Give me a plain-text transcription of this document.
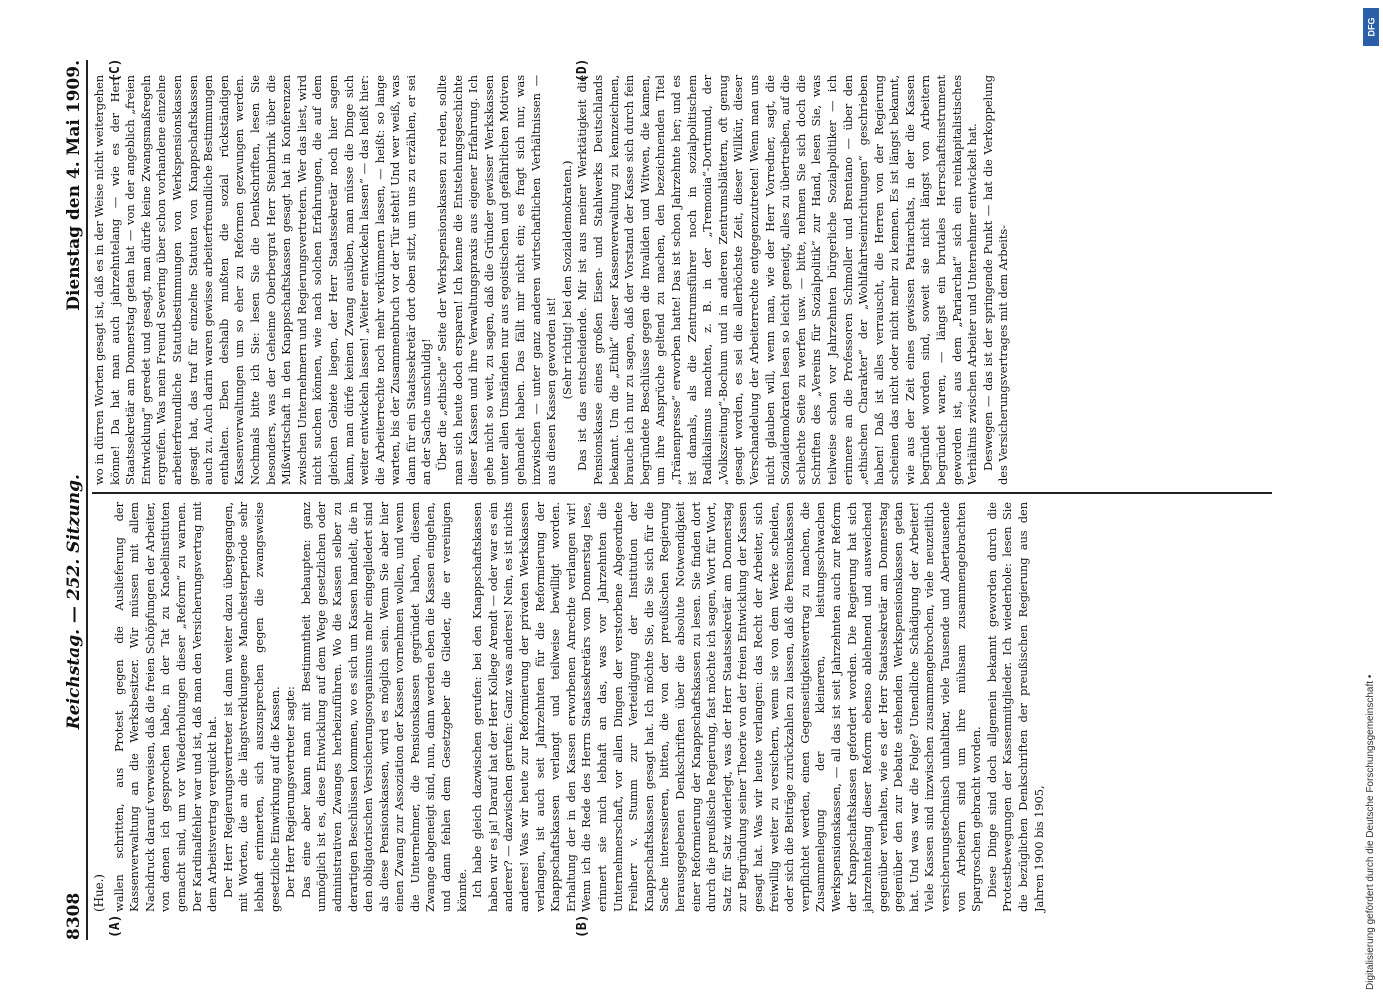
8308
Reichstag. — 252. Sitzung.
Dienstag den 4. Mai 1909.
(A)	(B)
(C)	(D)
(Hue.) wallen schritten, aus Protest gegen die Auslieferung der Kassenverwaltung an die Werksbesitzer. Wir müssen mit allem Nachdruck darauf verweisen, daß die freien Schöpfungen der Arbeiter, von denen ich gesprochen habe, in der Tat zu Knebelinstituten gemacht sind, um vor Wiederholungen dieser „Reform“ zu warnen. Der Kardinalfehler war und ist, daß man den Versicherungsvertrag mit dem Arbeitsvertrag verquickt hat. Der Herr Regierungsvertreter ist dann weiter dazu übergegangen, mit Worten, die an die längstverklungene Manchesterperiode sehr lebhaft erinnerten, sich auszusprechen gegen die zwangsweise gesetzliche Einwirkung auf die Kassen. Der Herr Regierungsvertreter sagte: Das eine aber kann man mit Bestimmtheit behaupten: ganz unmöglich ist es, diese Entwicklung auf dem Wege gesetzlichen oder administrativen Zwanges herbeizuführen. Wo die Kassen selber zu derartigen Beschlüssen kommen, wo es sich um Kassen handelt, die in den obligatorischen Versicherungsorganismus mehr eingegliedert sind als diese Pensionskassen, wird es möglich sein. Wenn Sie aber hier einen Zwang zur Assoziation der Kassen vornehmen wollen, und wenn die Unternehmer, die Pensionskassen gegründet haben, diesem Zwange abgeneigt sind, nun, dann werden eben die Kassen eingehen, und dann fehlen dem Gesetzgeber die Glieder, die er vereinigen könnte. Ich habe gleich dazwischen gerufen: bei den Knappschaftskassen haben wir es ja! Darauf hat der Herr Kollege Arendt — oder war es ein anderer? — dazwischen gerufen: Ganz was anderes! Nein, es ist nichts anderes! Was wir heute zur Reformierung der privaten Werkskassen verlangen, ist auch seit Jahrzehnten für die Reformierung der Knappschaftskassen verlangt und teilweise bewilligt worden. Erhaltung der in den Kassen erworbenen Anrechte verlangen wir! Wenn ich die Rede des Herrn Staatssekretärs vom Donnerstag lese, erinnert sie mich lebhaft an das, was vor Jahrzehnten die Unternehmerschaft, vor allen Dingen der verstorbene Abgeordnete Freiherr v. Stumm zur Verteidigung der Institution der Knappschaftskassen gesagt hat. Ich möchte Sie, die Sie sich für die Sache interessieren, bitten, die von der preußischen Regierung herausgegebenen Denkschriften über die absolute Notwendigkeit einer Reformierung der Knappschaftskassen zu lesen. Sie finden dort durch die preußische Regierung, fast möchte ich sagen, Wort für Wort, Satz für Satz widerlegt, was der Herr Staatssekretär am Donnerstag zur Begründung seiner Theorie von der freien Entwicklung der Kassen gesagt hat. Was wir heute verlangen: das Recht der Arbeiter, sich freiwillig weiter zu versichern, wenn sie von dem Werke scheiden, oder sich die Beiträge zurückzahlen zu lassen, daß die Pensionskassen verpflichtet werden, einen Gegenseitigkeitsvertrag zu machen, die Zusammenlegung der kleineren, leistungsschwachen Werkspensionskassen, — all das ist seit Jahrzehnten auch zur Reform der Knappschaftskassen gefordert worden. Die Regierung hat sich jahrzehntelang dieser Reform ebenso ablehnend und ausweichend gegenüber verhalten, wie es der Herr Staatssekretär am Donnerstag gegenüber den zur Debatte stehenden Werkspensionskassen getan hat. Und was war die Folge? Unendliche Schädigung der Arbeiter! Viele Kassen sind inzwischen zusammengebrochen, viele neuzeitlich versicherungstechnisch unhaltbar, viele Tausende und Abertausende von Arbeitern sind um ihre mühsam zusammengebrachten Spargroschen gebracht worden. Diese Dinge sind doch allgemein bekannt geworden durch die Protestbewegungen der Kassenmitglieder. Ich wiederhole: lesen Sie die bezüglichen Denkschriften der preußischen Regierung aus den Jahren 1900 bis 1905,

wo in dürren Worten gesagt ist, daß es in der Weise nicht weitergehen könne! Da hat man auch jahrzehntelang — wie es der Herr Staatssekretär am Donnerstag getan hat — von der angeblich „freien Entwicklung“ geredet und gesagt, man dürfe keine Zwangsmaßregeln ergreifen. Was mein Freund Severing über schon vorhandene einzelne arbeiterfreundliche Statutbestimmungen von Werkspensionskassen gesagt hat, das traf für einzelne Statuten von Knappschaftskassen auch zu. Auch darin waren gewisse arbeiterfreundliche Bestimmungen enthalten. Eben deshalb mußten die sozial rückständigen Kassenverwaltungen um so eher zu Reformen gezwungen werden. Nochmals bitte ich Sie: lesen Sie die Denkschriften, lesen Sie besonders, was der Geheime Oberbergrat Herr Steinbrink über die Mißwirtschaft in den Knappschaftskassen gesagt hat in Konferenzen zwischen Unternehmern und Regierungsvertretern. Wer das liest, wird nicht suchen können, wie nach solchen Erfahrungen, die auf dem gleichen Gebiete liegen, der Herr Staatssekretär noch hier sagen kann, man dürfe keinen Zwang ausüben, man müsse die Dinge sich weiter entwickeln lassen! „Weiter entwickeln lassen“ — das heißt hier: die Arbeiterrechte noch mehr verkümmern lassen, — heißt: so lange warten, bis der Zusammenbruch vor der Tür steht! Und wer weiß, was dann für ein Staatssekretär dort oben sitzt, um uns zu erzählen, er sei an der Sache unschuldig! Über die „ethische“ Seite der Werkspensionskassen zu reden, sollte man sich heute doch ersparen! Ich kenne die Entstehungsgeschichte dieser Kassen und ihre Verwaltungspraxis aus eigener Erfahrung. Ich gehe nicht so weit, zu sagen, daß die Gründer gewisser Werkskassen unter allen Umständen nur aus egoistischen und gefährlichen Motiven gehandelt haben. Das fällt mir nicht ein; es fragt sich nur, was inzwischen — unter ganz anderen wirtschaftlichen Verhältnissen — aus diesen Kassen geworden ist! (Sehr richtig! bei den Sozialdemokraten.) Das ist das entscheidende. Mir ist aus meiner Werktätigkeit die Pensionskasse eines großen Eisen- und Stahlwerks Deutschlands bekannt. Um die „Ethik“ dieser Kassenverwaltung zu kennzeichnen, brauche ich nur zu sagen, daß der Vorstand der Kasse sich durch fein begründete Beschlüsse gegen die Invaliden und Witwen, die kamen, um ihre Ansprüche geltend zu machen, den bezeichnenden Titel „Tränenpresse“ erworben hatte! Das ist schon Jahrzehnte her; und es ist damals, als die Zentrumsführer noch in sozialpolitischem Radikalismus machten, z. B. in der „Tremonia“-Dortmund, der „Volkszeitung“-Bochum und in anderen Zentrumsblättern, oft genug gesagt worden, es sei die allerhöchste Zeit, dieser Willkür, dieser Verschandelung der Arbeiterrechte entgegenzutreten! Wenn man uns nicht glauben will, wenn man, wie der Herr Vorredner, sagt, die Sozialdemokraten lesen so leicht geneigt, alles zu übertreiben, auf die schlechte Seite zu werfen usw. — bitte, nehmen Sie sich doch die Schriften des „Vereins für Sozialpolitik“ zur Hand, lesen Sie, was teilweise schon vor Jahrzehnten bürgerliche Sozialpolitiker — ich erinnere an die Professoren Schmoller und Brentano — über den „ethischen Charakter“ der „Wohlfahrtseinrichtungen“ geschrieben haben! Daß ist alles verrauscht, die Herren von der Regierung scheinen das nicht oder nicht mehr zu kennen. Es ist längst bekannt, wie aus der Zeit eines gewissen Patriarchats, in der die Kassen begründet worden sind, soweit sie nicht längst von Arbeitern begründet waren, — längst ein brutales Herrschaftsinstrument geworden ist, aus dem „Pariarchat“ sich ein reinkapitalistisches Verhältnis zwischen Arbeiter und Unternehmer entwickelt hat. Deswegen — das ist der springende Punkt — hat die Verkoppelung des Versicherungsvertrages mit dem Arbeits-

DFG
Digitalisierung gefördert durch die Deutsche Forschungsgemeinschaft •
